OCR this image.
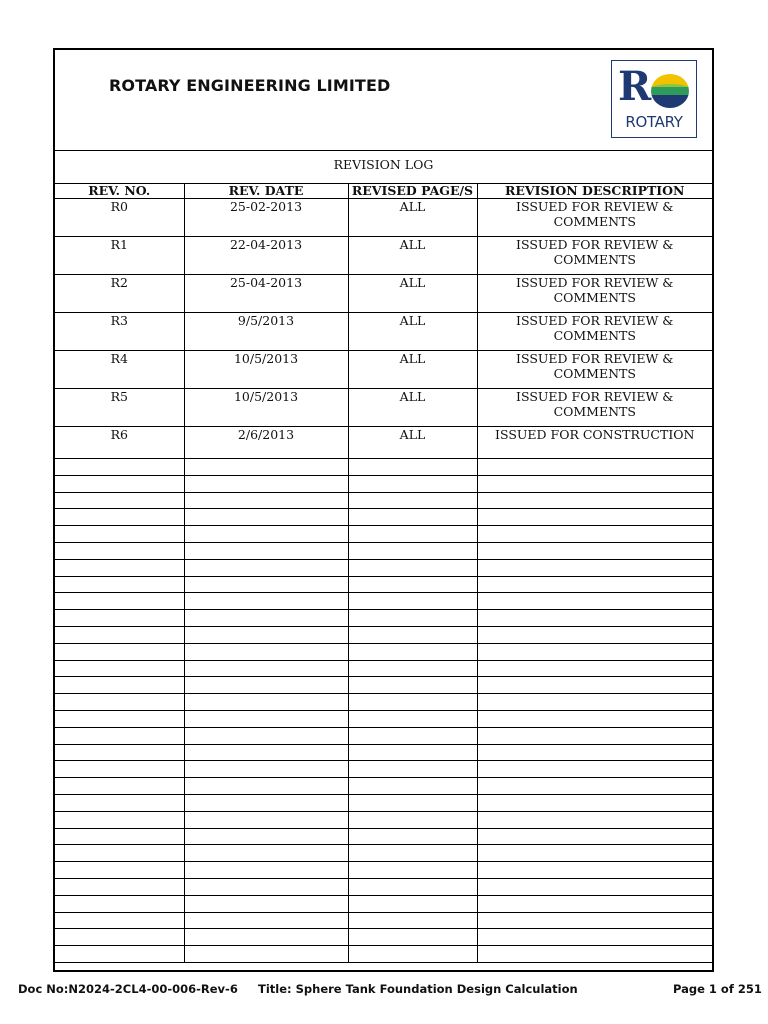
ROTARY ENGINEERING LIMITED	R
ROTARY
REVISION LOG
REV. NO.	REV. DATE	REVISED PAGE/S	REVISION DESCRIPTION
R0	25-02-2013	ALL	ISSUED FOR REVIEW & COMMENTS
R1	22-04-2013	ALL	ISSUED FOR REVIEW & COMMENTS
R2	25-04-2013	ALL	ISSUED FOR REVIEW & COMMENTS
R3	9/5/2013	ALL	ISSUED FOR REVIEW & COMMENTS
R4	10/5/2013	ALL	ISSUED FOR REVIEW & COMMENTS
R5	10/5/2013	ALL	ISSUED FOR REVIEW & COMMENTS
R6	2/6/2013	ALL	ISSUED FOR CONSTRUCTION

Doc No:N2024-2CL4-00-006-Rev-6 Title: Sphere Tank Foundation Design Calculation	Page 1 of 251
